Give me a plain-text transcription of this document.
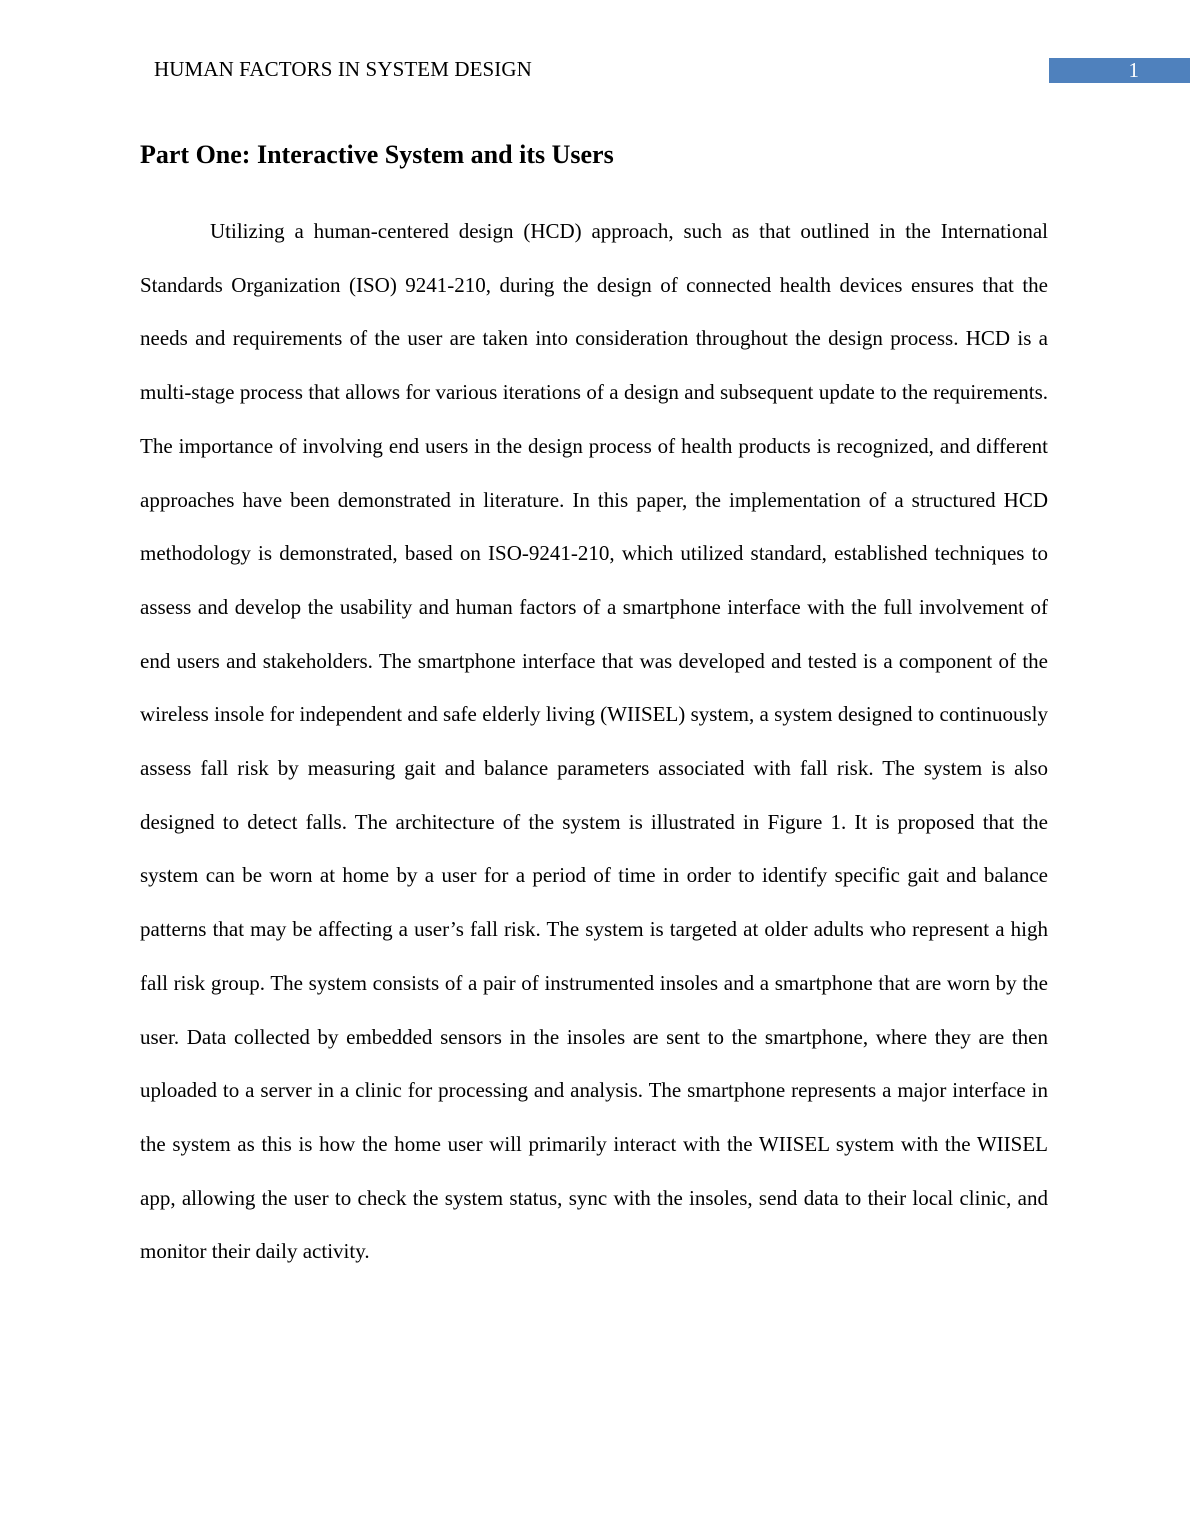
HUMAN FACTORS IN SYSTEM DESIGN	1
Part One: Interactive System and its Users

Utilizing a human-centered design (HCD) approach, such as that outlined in the International Standards Organization (ISO) 9241-210, during the design of connected health devices ensures that the needs and requirements of the user are taken into consideration throughout the design process. HCD is a multi-stage process that allows for various iterations of a design and subsequent update to the requirements. The importance of involving end users in the design process of health products is recognized, and different approaches have been demonstrated in literature. In this paper, the implementation of a structured HCD methodology is demonstrated, based on ISO-9241-210, which utilized standard, established techniques to assess and develop the usability and human factors of a smartphone interface with the full involvement of end users and stakeholders. The smartphone interface that was developed and tested is a component of the wireless insole for independent and safe elderly living (WIISEL) system, a system designed to continuously assess fall risk by measuring gait and balance parameters associated with fall risk. The system is also designed to detect falls. The architecture of the system is illustrated in Figure 1. It is proposed that the system can be worn at home by a user for a period of time in order to identify specific gait and balance patterns that may be affecting a user’s fall risk. The system is targeted at older adults who represent a high fall risk group. The system consists of a pair of instrumented insoles and a smartphone that are worn by the user. Data collected by embedded sensors in the insoles are sent to the smartphone, where they are then uploaded to a server in a clinic for processing and analysis. The smartphone represents a major interface in the system as this is how the home user will primarily interact with the WIISEL system with the WIISEL app, allowing the user to check the system status, sync with the insoles, send data to their local clinic, and monitor their daily activity.
